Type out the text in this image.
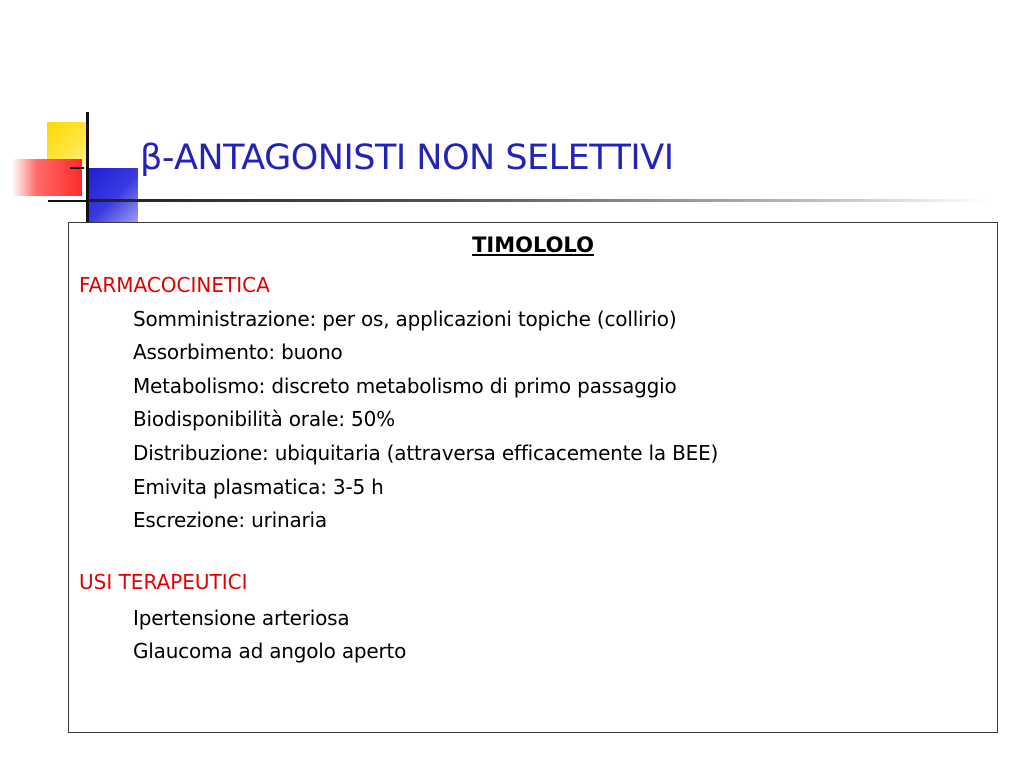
β-ANTAGONISTI NON SELETTIVI
TIMOLOLO
FARMACOCINETICA
Somministrazione: per os, applicazioni topiche (collirio)
Assorbimento: buono
Metabolismo: discreto metabolismo di primo passaggio
Biodisponibilità orale: 50%
Distribuzione: ubiquitaria (attraversa efficacemente la BEE)
Emivita plasmatica: 3-5 h
Escrezione: urinaria
USI TERAPEUTICI
Ipertensione arteriosa
Glaucoma ad angolo aperto
